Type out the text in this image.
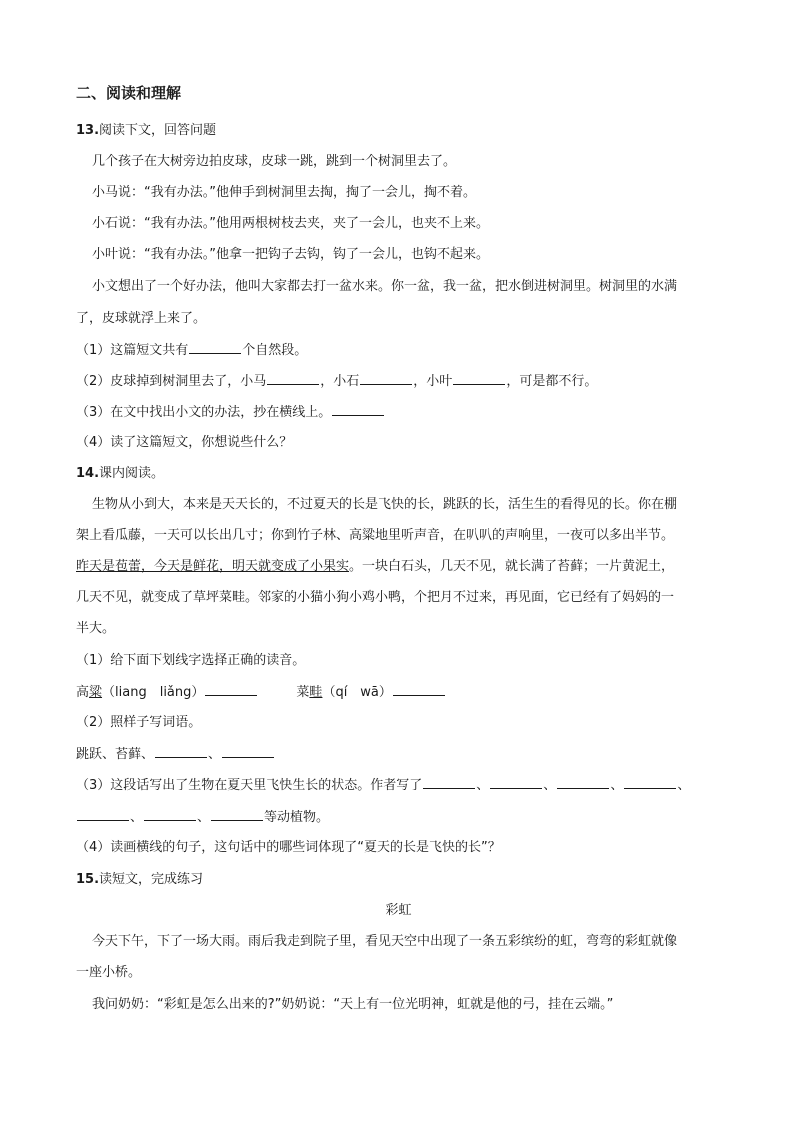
二、阅读和理解
13.阅读下文，回答问题
几个孩子在大树旁边拍皮球，皮球一跳，跳到一个树洞里去了。
小马说：“我有办法。”他伸手到树洞里去掏，掏了一会儿，掏不着。
小石说：“我有办法。”他用两根树枝去夹，夹了一会儿，也夹不上来。
小叶说：“我有办法。”他拿一把钩子去钩，钩了一会儿，也钩不起来。
小文想出了一个好办法，他叫大家都去打一盆水来。你一盆，我一盆，把水倒进树洞里。树洞里的水满
了，皮球就浮上来了。
（1）这篇短文共有	个自然段。
（2）皮球掉到树洞里去了，小马	，小石	，小叶	，可是都不行。
（3）在文中找出小文的办法，抄在横线上。
（4）读了这篇短文，你想说些什么？
14.课内阅读。
生物从小到大，本来是天天长的，不过夏天的长是飞快的长，跳跃的长，活生生的看得见的长。你在棚
架上看瓜藤，一天可以长出几寸；你到竹子林、高粱地里听声音，在叭叭的声响里，一夜可以多出半节。
昨天是苞蕾，今天是鲜花，明天就变成了小果实。一块白石头，几天不见，就长满了苔藓；一片黄泥土，
几天不见，就变成了草坪菜畦。邻家的小猫小狗小鸡小鸭，个把月不过来，再见面，它已经有了妈妈的一
半大。
（1）给下面下划线字选择正确的读音。
高粱（liang　liǎng）	菜畦（qí　wā）
（2）照样子写词语。
跳跃、苔藓、	、
（3）这段话写出了生物在夏天里飞快生长的状态。作者写了	、	、	、	、
、	、	等动植物。
（4）读画横线的句子，这句话中的哪些词体现了“夏天的长是飞快的长”？
15.读短文，完成练习
彩虹
今天下午，下了一场大雨。雨后我走到院子里，看见天空中出现了一条五彩缤纷的虹，弯弯的彩虹就像
一座小桥。
我问奶奶：“彩虹是怎么出来的?”奶奶说：“天上有一位光明神，虹就是他的弓，挂在云端。”
